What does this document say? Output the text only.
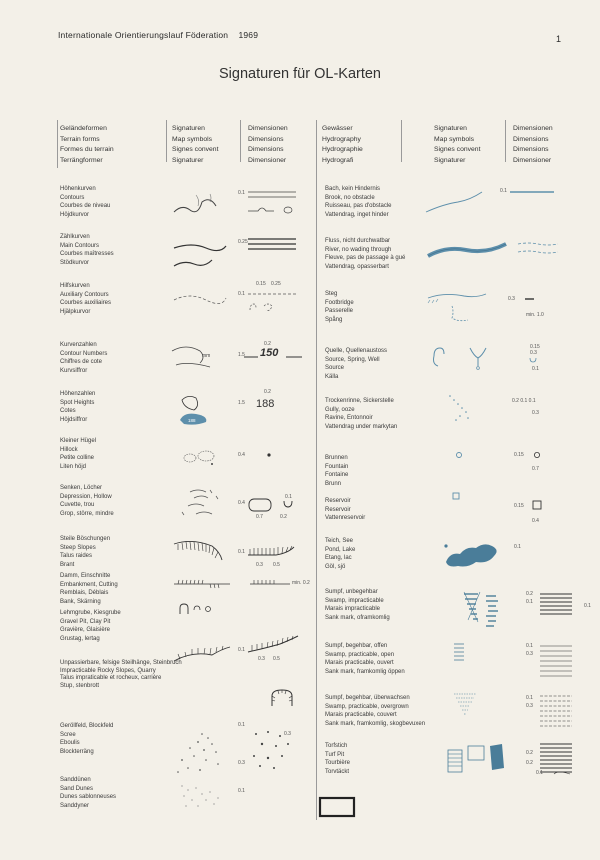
Internationale Orientierungslauf Föderation 1969	1
Signaturen für OL-Karten
Geländeformen
Terrain forms
Formes du terrain
Terrängformer
Signaturen
Map symbols
Signes convent
Signaturer
Dimensionen
Dimensions
Dimensions
Dimensioner
Gewässer
Hydrography
Hydrographie
Hydrografi
Signaturen
Map symbols
Signes convent
Signaturer
Dimensionen
Dimensions
Dimensions
Dimensioner
Höhenkurven
Contours
Courbes de niveau
Höjdkurvor
Zählkurven
Main Contours
Courbes maîtresses
Stödkurvor
Hilfskurven
Auxiliary Contours
Courbes auxiliaires
Hjälpkurvor
Kurvenzahlen
Contour Numbers
Chiffres de cote
Kurvsiffror
Höhenzahlen
Spot Heights
Cotes
Höjdsiffror
Kleiner Hügel
Hillock
Petite colline
Liten höjd
Senken, Löcher
Depression, Hollow
Cuvette, trou
Grop, större, mindre
Steile Böschungen
Steep Slopes
Talus raides
Brant
Damm, Einschnitte
Embankment, Cutting
Remblais, Déblais
Bank, Skärning
Lehmgrube, Kiesgrube
Gravel Pit, Clay Pit
Gravière, Glaisière
Grustag, lertag
Unpassierbare, felsige Steilhänge, Steinbruch
Impracticable Rocky Slopes, Quarry
Talus impraticable et rocheux, carrière
Stup, stenbrott
Geröllfeld, Blockfeld
Scree
Eboulis
Blockterräng
Sanddünen
Sand Dunes
Dunes sablonneuses
Sanddyner
Bach, kein Hindernis
Brook, no obstacle
Ruisseau, pas d'obstacle
Vattendrag, inget hinder
Fluss, nicht durchwatbar
River, no wading through
Fleuve, pas de passage à gué
Vattendrag, opasserbart
Steg
Footbridge
Passerelle
Spång
Quelle, Quellenaustoss
Source, Spring, Well
Source
Källa
Trockenrinne, Sickerstelle
Gully, ooze
Ravine, Entonnoir
Vattendrag under markytan
Brunnen
Fountain
Fontaine
Brunn
Reservoir
Reservoir
Vattenreservoir
Teich, See
Pond, Lake
Etang, lac
Göl, sjö
Sumpf, unbegehbar
Swamp, impracticable
Marais impracticable
Sank mark, oframkomlig
Sumpf, begehbar, offen
Swamp, practicable, open
Marais practicable, ouvert
Sank mark, framkomlig öppen
Sumpf, begehbar, überwachsen
Swamp, practicable, overgrown
Marais practicable, couvert
Sank mark, framkomlig, skogbevuxen
Torfstich
Turf Pit
Tourbière
Torvtäckt
0.1
0.25
0.15 0.25
0.1
mm
0.2
1.5 150
188
0.2
1.5 188
0.4
0.4
0.1
0.7	0.2
0.1
0.3 0.5
min. 0.2
0.1
0.3 0.5
0.1
0.3
0.3
0.1
0.1
0.3
min. 1.0
0.15
0.3
0.1
0.2 0.1 0.1
0.3
0.15
0.7
0.15
0.4
0.1
0.2
0.1
0.1
0.1
0.3
0.1
0.3
0.2
0.2
0.1
